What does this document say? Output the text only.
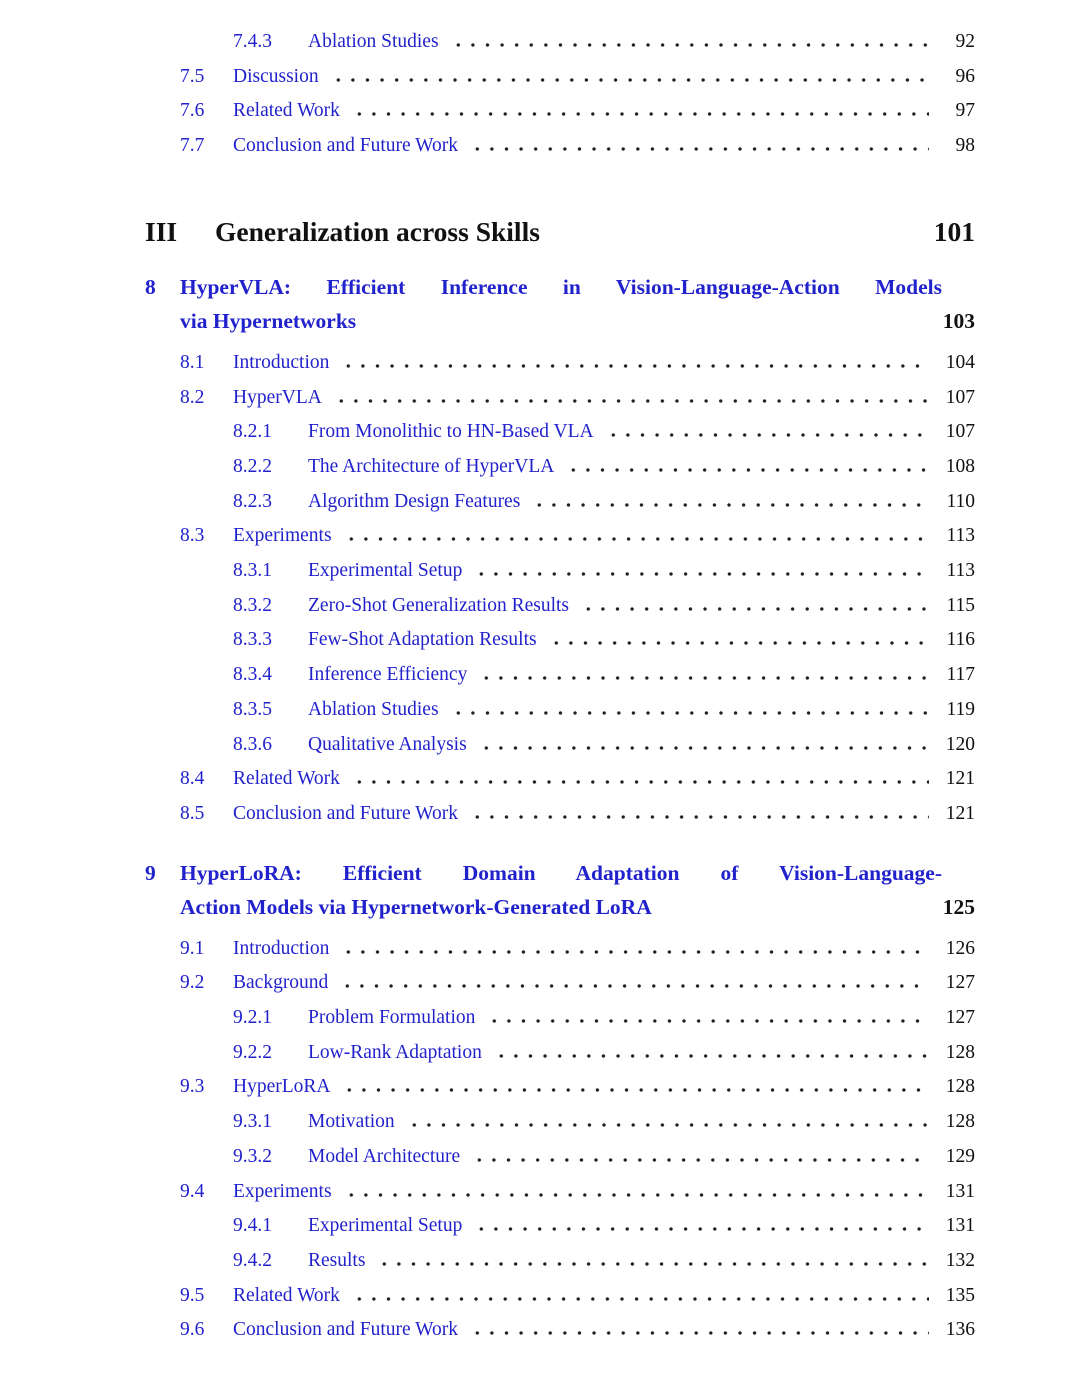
7.4.3	Ablation Studies	92
7.5	Discussion	96
7.6	Related Work	97
7.7	Conclusion and Future Work	98
III	Generalization across Skills	101
8	HyperVLA: Efficient Inference in Vision-Language-Action Models
via Hypernetworks	103
8.1	Introduction	104
8.2	HyperVLA	107
8.2.1	From Monolithic to HN-Based VLA	107
8.2.2	The Architecture of HyperVLA	108
8.2.3	Algorithm Design Features	110
8.3	Experiments	113
8.3.1	Experimental Setup	113
8.3.2	Zero-Shot Generalization Results	115
8.3.3	Few-Shot Adaptation Results	116
8.3.4	Inference Efficiency	117
8.3.5	Ablation Studies	119
8.3.6	Qualitative Analysis	120
8.4	Related Work	121
8.5	Conclusion and Future Work	121
9	HyperLoRA: Efficient Domain Adaptation of Vision-Language-
Action Models via Hypernetwork-Generated LoRA	125
9.1	Introduction	126
9.2	Background	127
9.2.1	Problem Formulation	127
9.2.2	Low-Rank Adaptation	128
9.3	HyperLoRA	128
9.3.1	Motivation	128
9.3.2	Model Architecture	129
9.4	Experiments	131
9.4.1	Experimental Setup	131
9.4.2	Results	132
9.5	Related Work	135
9.6	Conclusion and Future Work	136
